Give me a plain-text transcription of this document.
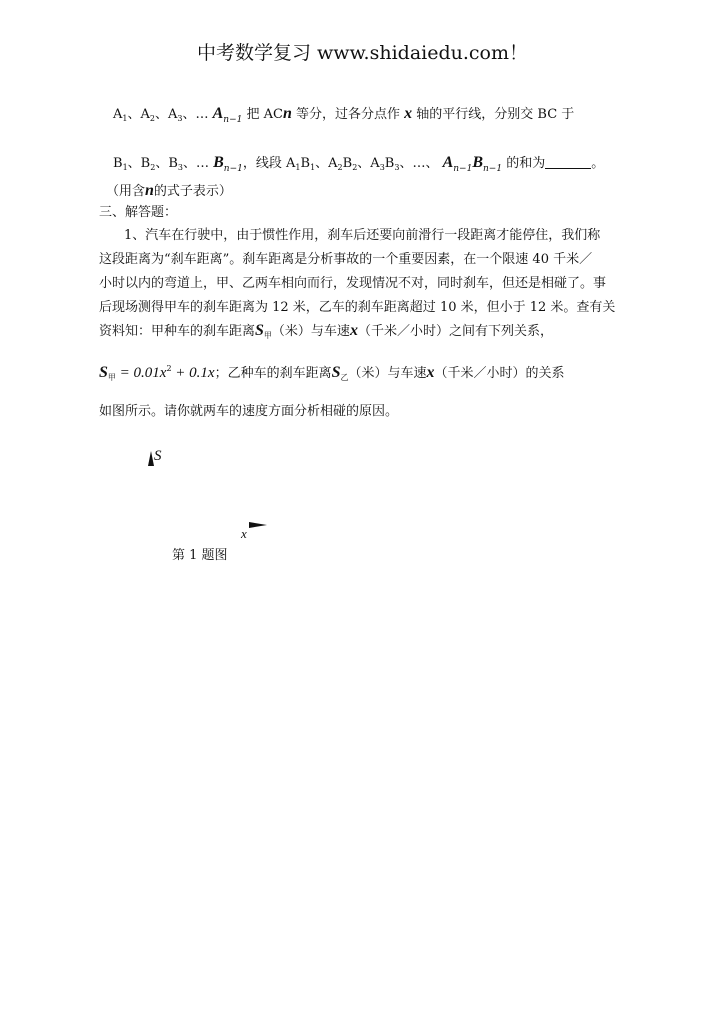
中考数学复习 www.shidaiedu.com！
$A_1$、$A_2$、$A_3$、… $A_{n-1}$ 把 ACn 等分，过各分点作 x 轴的平行线，分别交 BC 于
$B_1$、$B_2$、$B_3$、… $B_{n-1}$，线段 $A_1B_1$、$A_2B_2$、$A_3B_3$、…、 $A_{n-1}B_{n-1}$ 的和为	。
（用含n的式子表示）
三、解答题：
1、汽车在行驶中，由于惯性作用，刹车后还要向前滑行一段距离才能停住，我们称
这段距离为“刹车距离”。刹车距离是分析事故的一个重要因素，在一个限速 40 千米／
小时以内的弯道上，甲、乙两车相向而行，发现情况不对，同时刹车，但还是相碰了。事
后现场测得甲车的刹车距离为 12 米，乙车的刹车距离超过 10 米，但小于 12 米。查有关
资料知：甲种车的刹车距离$S_甲$（米）与车速x（千米／小时）之间有下列关系，
$S_甲 = 0.01x^2 + 0.1x$；乙种车的刹车距离$S_乙$（米）与车速x（千米／小时）的关系
如图所示。请你就两车的速度方面分析相碰的原因。
S
x
第 1 题图
